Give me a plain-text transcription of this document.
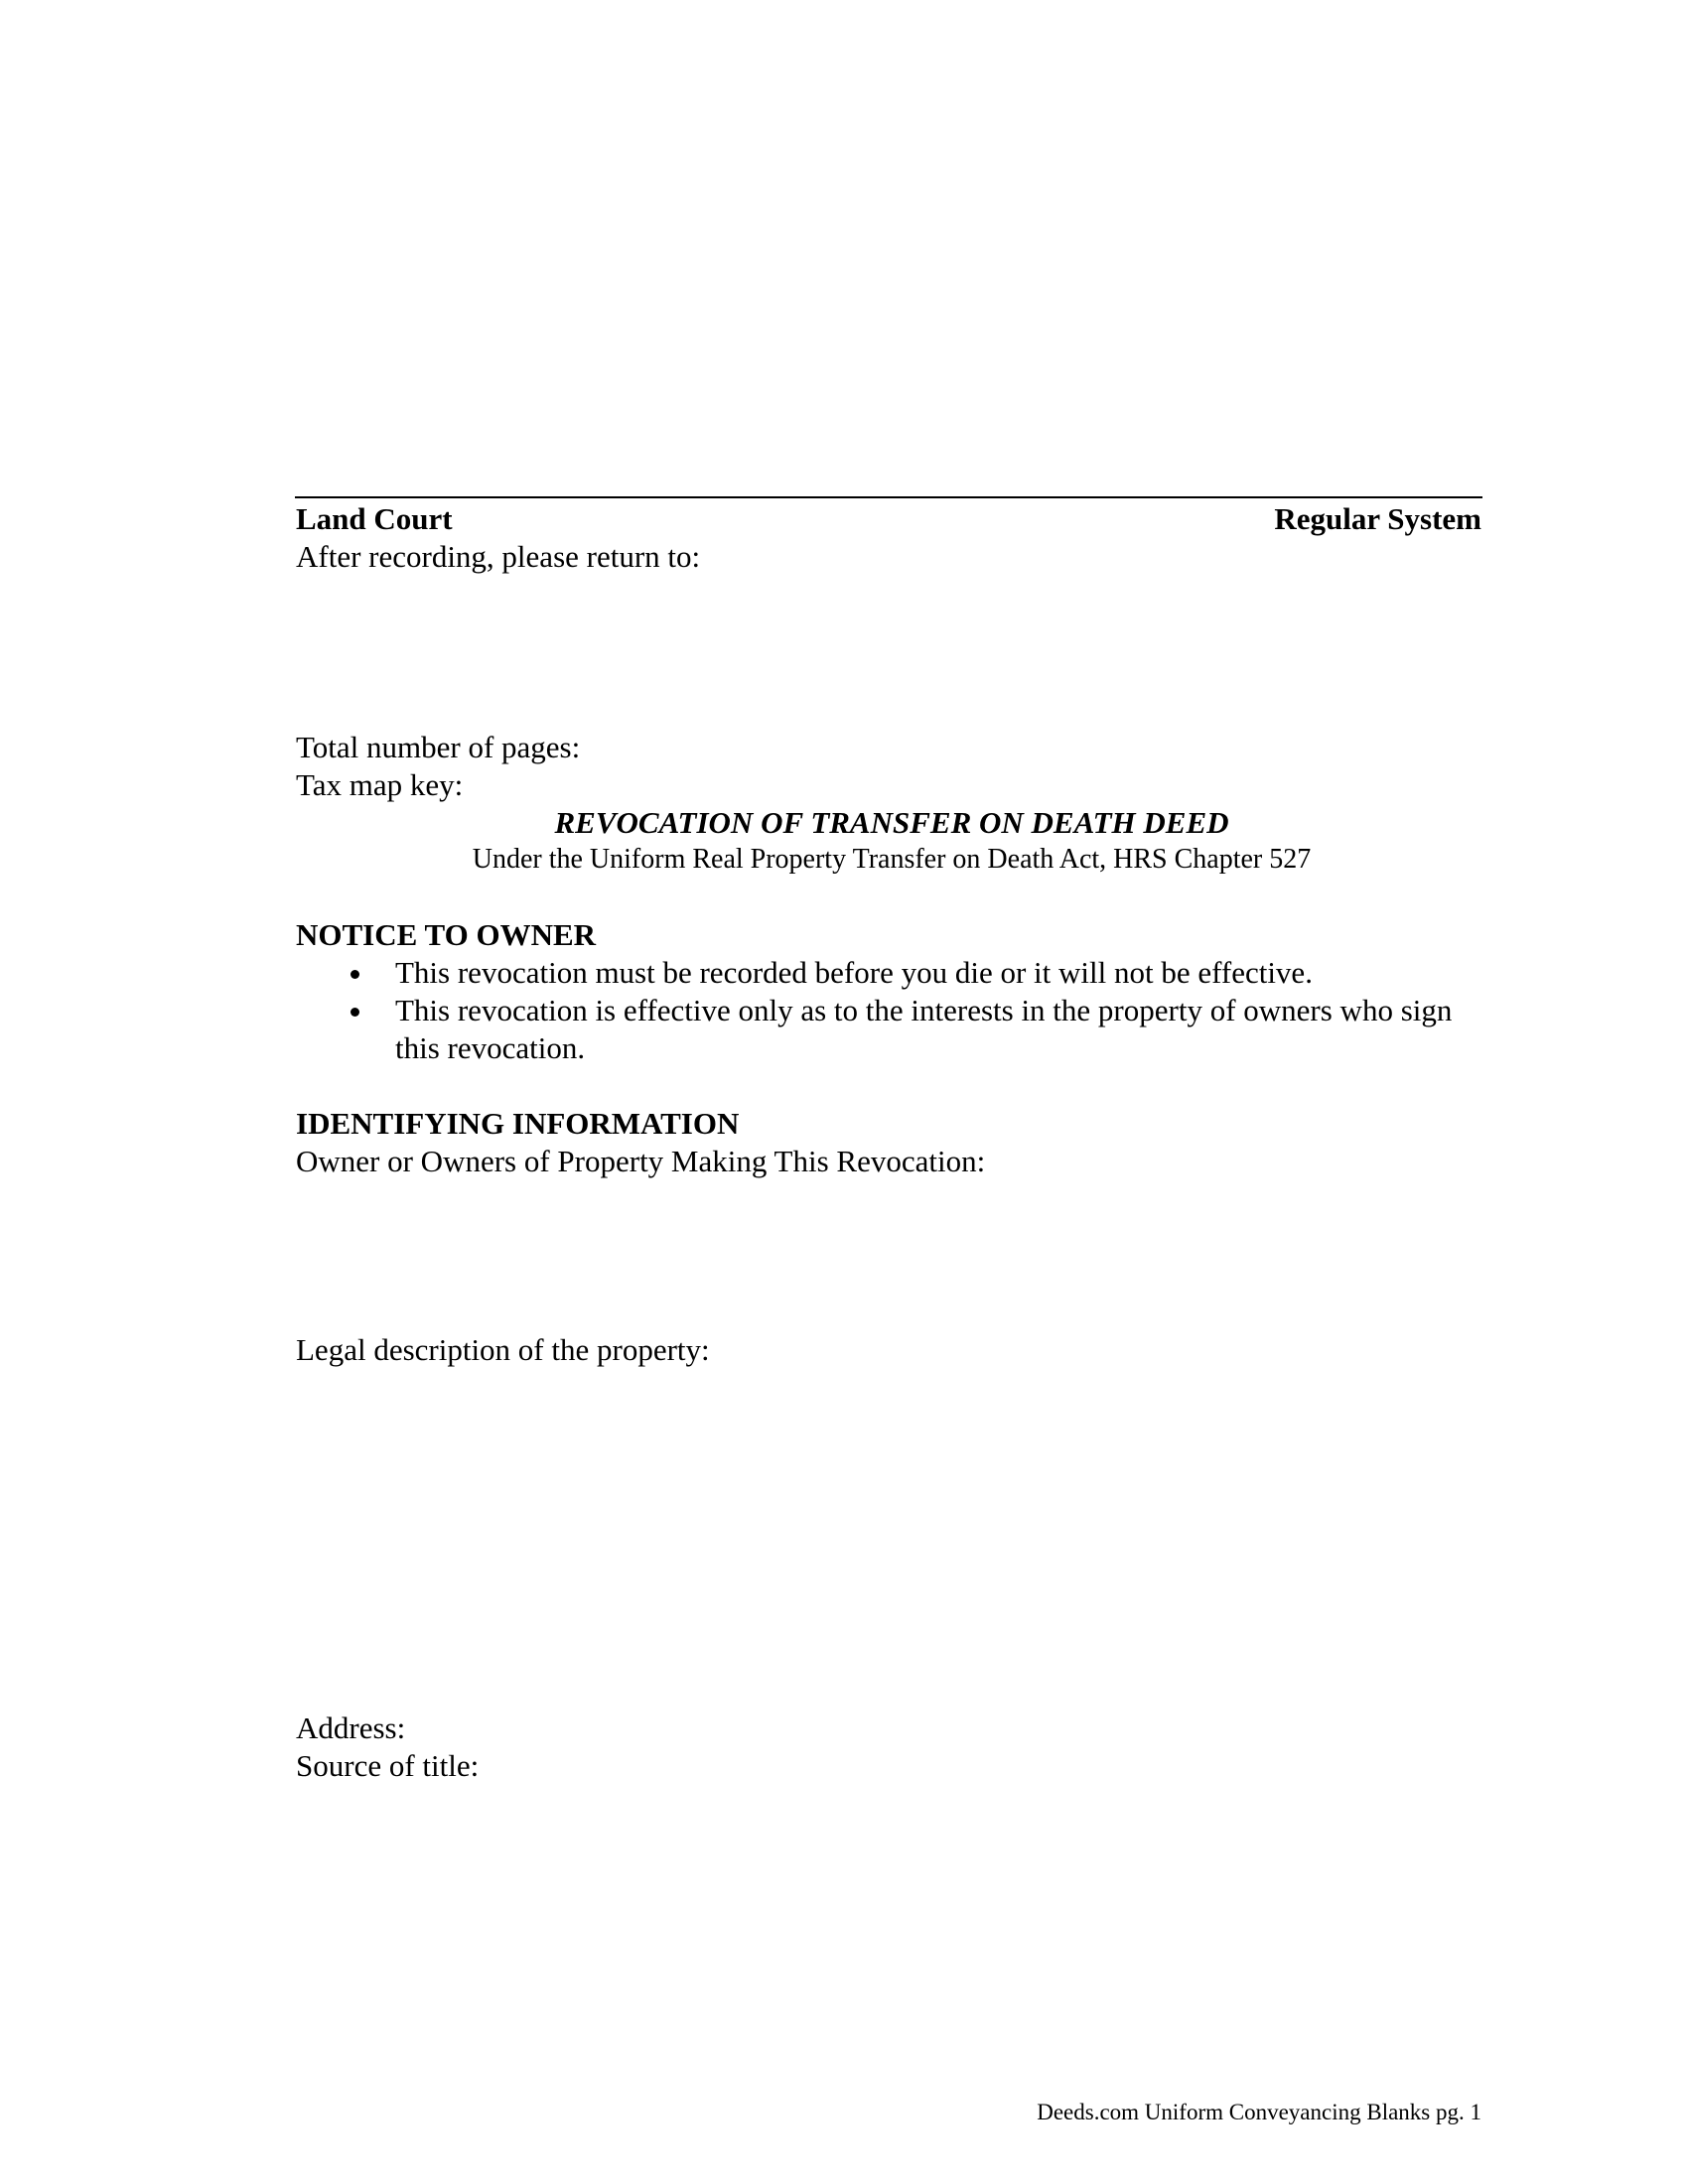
Land Court	Regular System
After recording, please return to:
Total number of pages:
Tax map key:
REVOCATION OF TRANSFER ON DEATH DEED
Under the Uniform Real Property Transfer on Death Act, HRS Chapter 527
NOTICE TO OWNER
This revocation must be recorded before you die or it will not be effective.
This revocation is effective only as to the interests in the property of owners who sign this revocation.
IDENTIFYING INFORMATION
Owner or Owners of Property Making This Revocation:
Legal description of the property:
Address:
Source of title:
Deeds.com Uniform Conveyancing Blanks pg. 1
